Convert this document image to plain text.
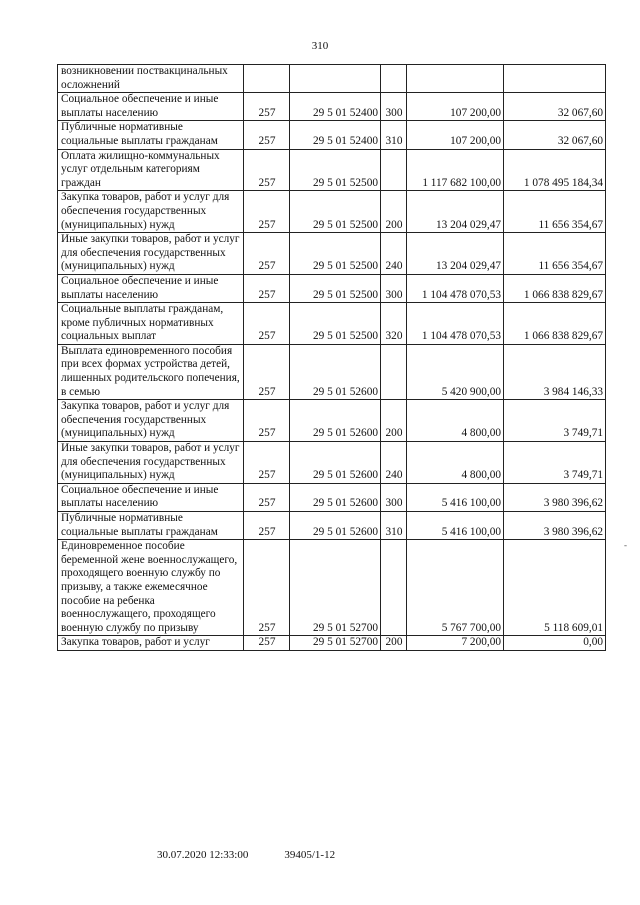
310
возникновении поствакцинальных осложнений					
Социальное обеспечение и иные выплаты населению	257	29 5 01 52400	300	107 200,00	32 067,60
Публичные нормативные социальные выплаты гражданам	257	29 5 01 52400	310	107 200,00	32 067,60
Оплата жилищно-коммунальных услуг отдельным категориям граждан	257	29 5 01 52500		1 117 682 100,00	1 078 495 184,34
Закупка товаров, работ и услуг для обеспечения государственных (муниципальных) нужд	257	29 5 01 52500	200	13 204 029,47	11 656 354,67
Иные закупки товаров, работ и услуг для обеспечения государственных (муниципальных) нужд	257	29 5 01 52500	240	13 204 029,47	11 656 354,67
Социальное обеспечение и иные выплаты населению	257	29 5 01 52500	300	1 104 478 070,53	1 066 838 829,67
Социальные выплаты гражданам, кроме публичных нормативных социальных выплат	257	29 5 01 52500	320	1 104 478 070,53	1 066 838 829,67
Выплата единовременного пособия при всех формах устройства детей, лишенных родительского попечения, в семью	257	29 5 01 52600		5 420 900,00	3 984 146,33
Закупка товаров, работ и услуг для обеспечения государственных (муниципальных) нужд	257	29 5 01 52600	200	4 800,00	3 749,71
Иные закупки товаров, работ и услуг для обеспечения государственных (муниципальных) нужд	257	29 5 01 52600	240	4 800,00	3 749,71
Социальное обеспечение и иные выплаты населению	257	29 5 01 52600	300	5 416 100,00	3 980 396,62
Публичные нормативные социальные выплаты гражданам	257	29 5 01 52600	310	5 416 100,00	3 980 396,62
Единовременное пособие беременной жене военнослужащего, проходящего военную службу по призыву, а также ежемесячное пособие на ребенка военнослужащего, проходящего военную службу по призыву	257	29 5 01 52700		5 767 700,00	5 118 609,01
Закупка товаров, работ и услуг	257	29 5 01 52700	200	7 200,00	0,00
-
30.07.2020 12:33:00	39405/1-12
